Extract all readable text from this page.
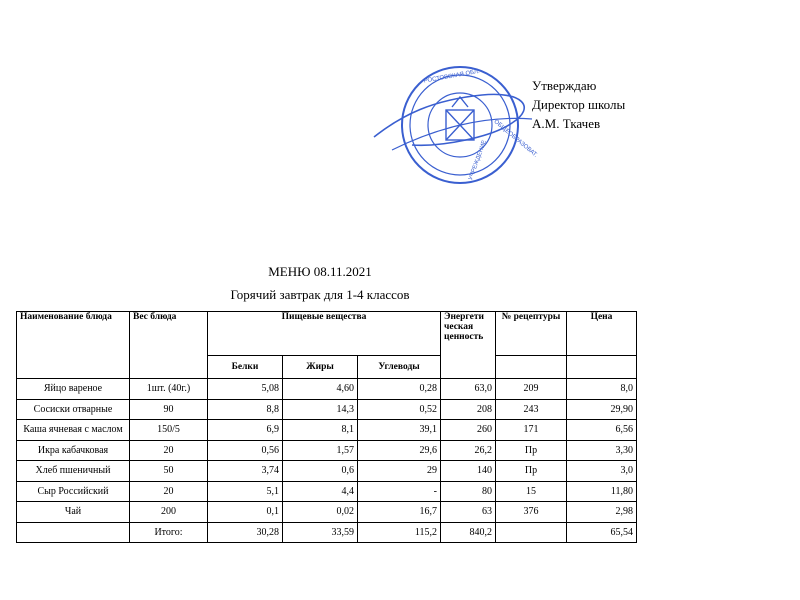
РОСТОВСКАЯ ОБЛ.
ОБЩЕОБРАЗОВАТ.
УЧРЕЖДЕНИЕ
Утверждаю
Директор школы
А.М. Ткачев
МЕНЮ 08.11.2021
Горячий завтрак для 1-4 классов
Наименование блюда	Вес блюда	Пищевые вещества			Энергети ческая ценность	№ рецептуры	Цена
		Белки	Жиры	Углеводы			
Яйцо вареное	1шт. (40г.)	5,08	4,60	0,28	63,0	209	8,0
Сосиски отварные	90	8,8	14,3	0,52	208	243	29,90
Каша ячневая с маслом	150/5	6,9	8,1	39,1	260	171	6,56
Икра кабачковая	20	0,56	1,57	29,6	26,2	Пр	3,30
Хлеб пшеничный	50	3,74	0,6	29	140	Пр	3,0
Сыр Российский	20	5,1	4,4	-	80	15	11,80
Чай	200	0,1	0,02	16,7	63	376	2,98
	Итого:	30,28	33,59	115,2	840,2		65,54
